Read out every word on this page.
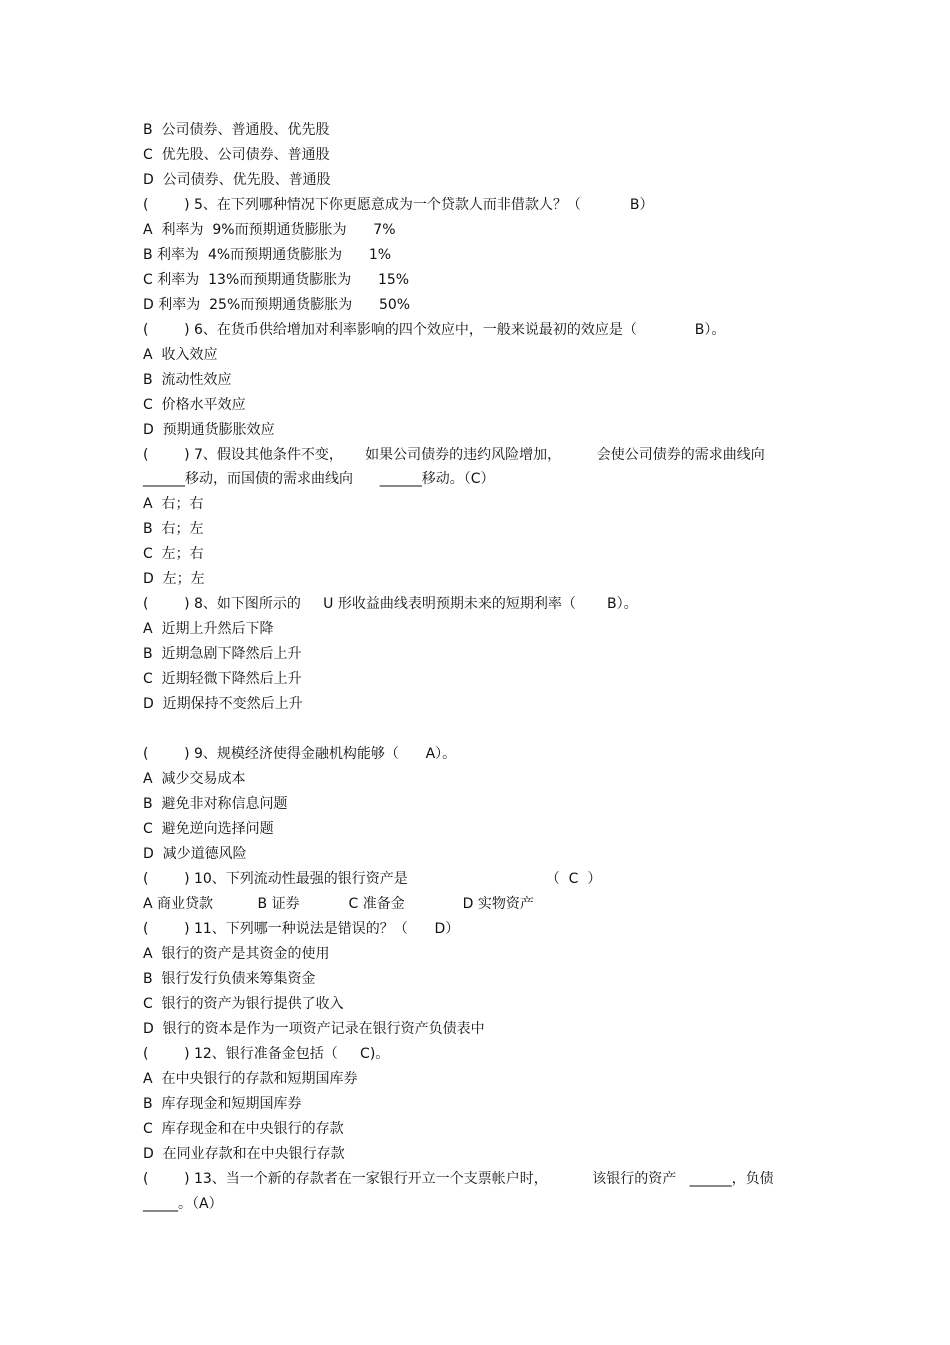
B  公司债券、普通股、优先股
C  优先股、公司债券、普通股
D  公司债券、优先股、普通股
(        ) 5、在下列哪种情况下你更愿意成为一个贷款人而非借款人？（           B）
A  利率为  9%而预期通货膨胀为      7%
B 利率为  4%而预期通货膨胀为      1%
C 利率为  13%而预期通货膨胀为      15%
D 利率为  25%而预期通货膨胀为      50%
(        ) 6、在货币供给增加对利率影响的四个效应中，一般来说最初的效应是（             B）。
A  收入效应
B  流动性效应
C  价格水平效应
D  预期通货膨胀效应
(        ) 7、假设其他条件不变，     如果公司债券的违约风险增加，        会使公司债券的需求曲线向
______移动，而国债的需求曲线向      ______移动。（C）
A  右；右
B  右；左
C  左；右
D  左；左
(        ) 8、如下图所示的     U 形收益曲线表明预期未来的短期利率（       B）。
A  近期上升然后下降
B  近期急剧下降然后上升
C  近期轻微下降然后上升
D  近期保持不变然后上升
(        ) 9、规模经济使得金融机构能够（      A）。
A  减少交易成本
B  避免非对称信息问题
C  避免逆向选择问题
D  减少道德风险
(        ) 10、下列流动性最强的银行资产是                               （  C  ）
A 商业贷款          B 证券           C 准备金             D 实物资产
(        ) 11、下列哪一种说法是错误的？（      D）
A  银行的资产是其资金的使用
B  银行发行负债来筹集资金
C  银行的资产为银行提供了收入
D  银行的资本是作为一项资产记录在银行资产负债表中
(        ) 12、银行准备金包括（     C)。
A  在中央银行的存款和短期国库券
B  库存现金和短期国库券
C  库存现金和在中央银行的存款
D  在同业存款和在中央银行存款
(        ) 13、当一个新的存款者在一家银行开立一个支票帐户时，          该银行的资产   ______，负债
_____。（A）
